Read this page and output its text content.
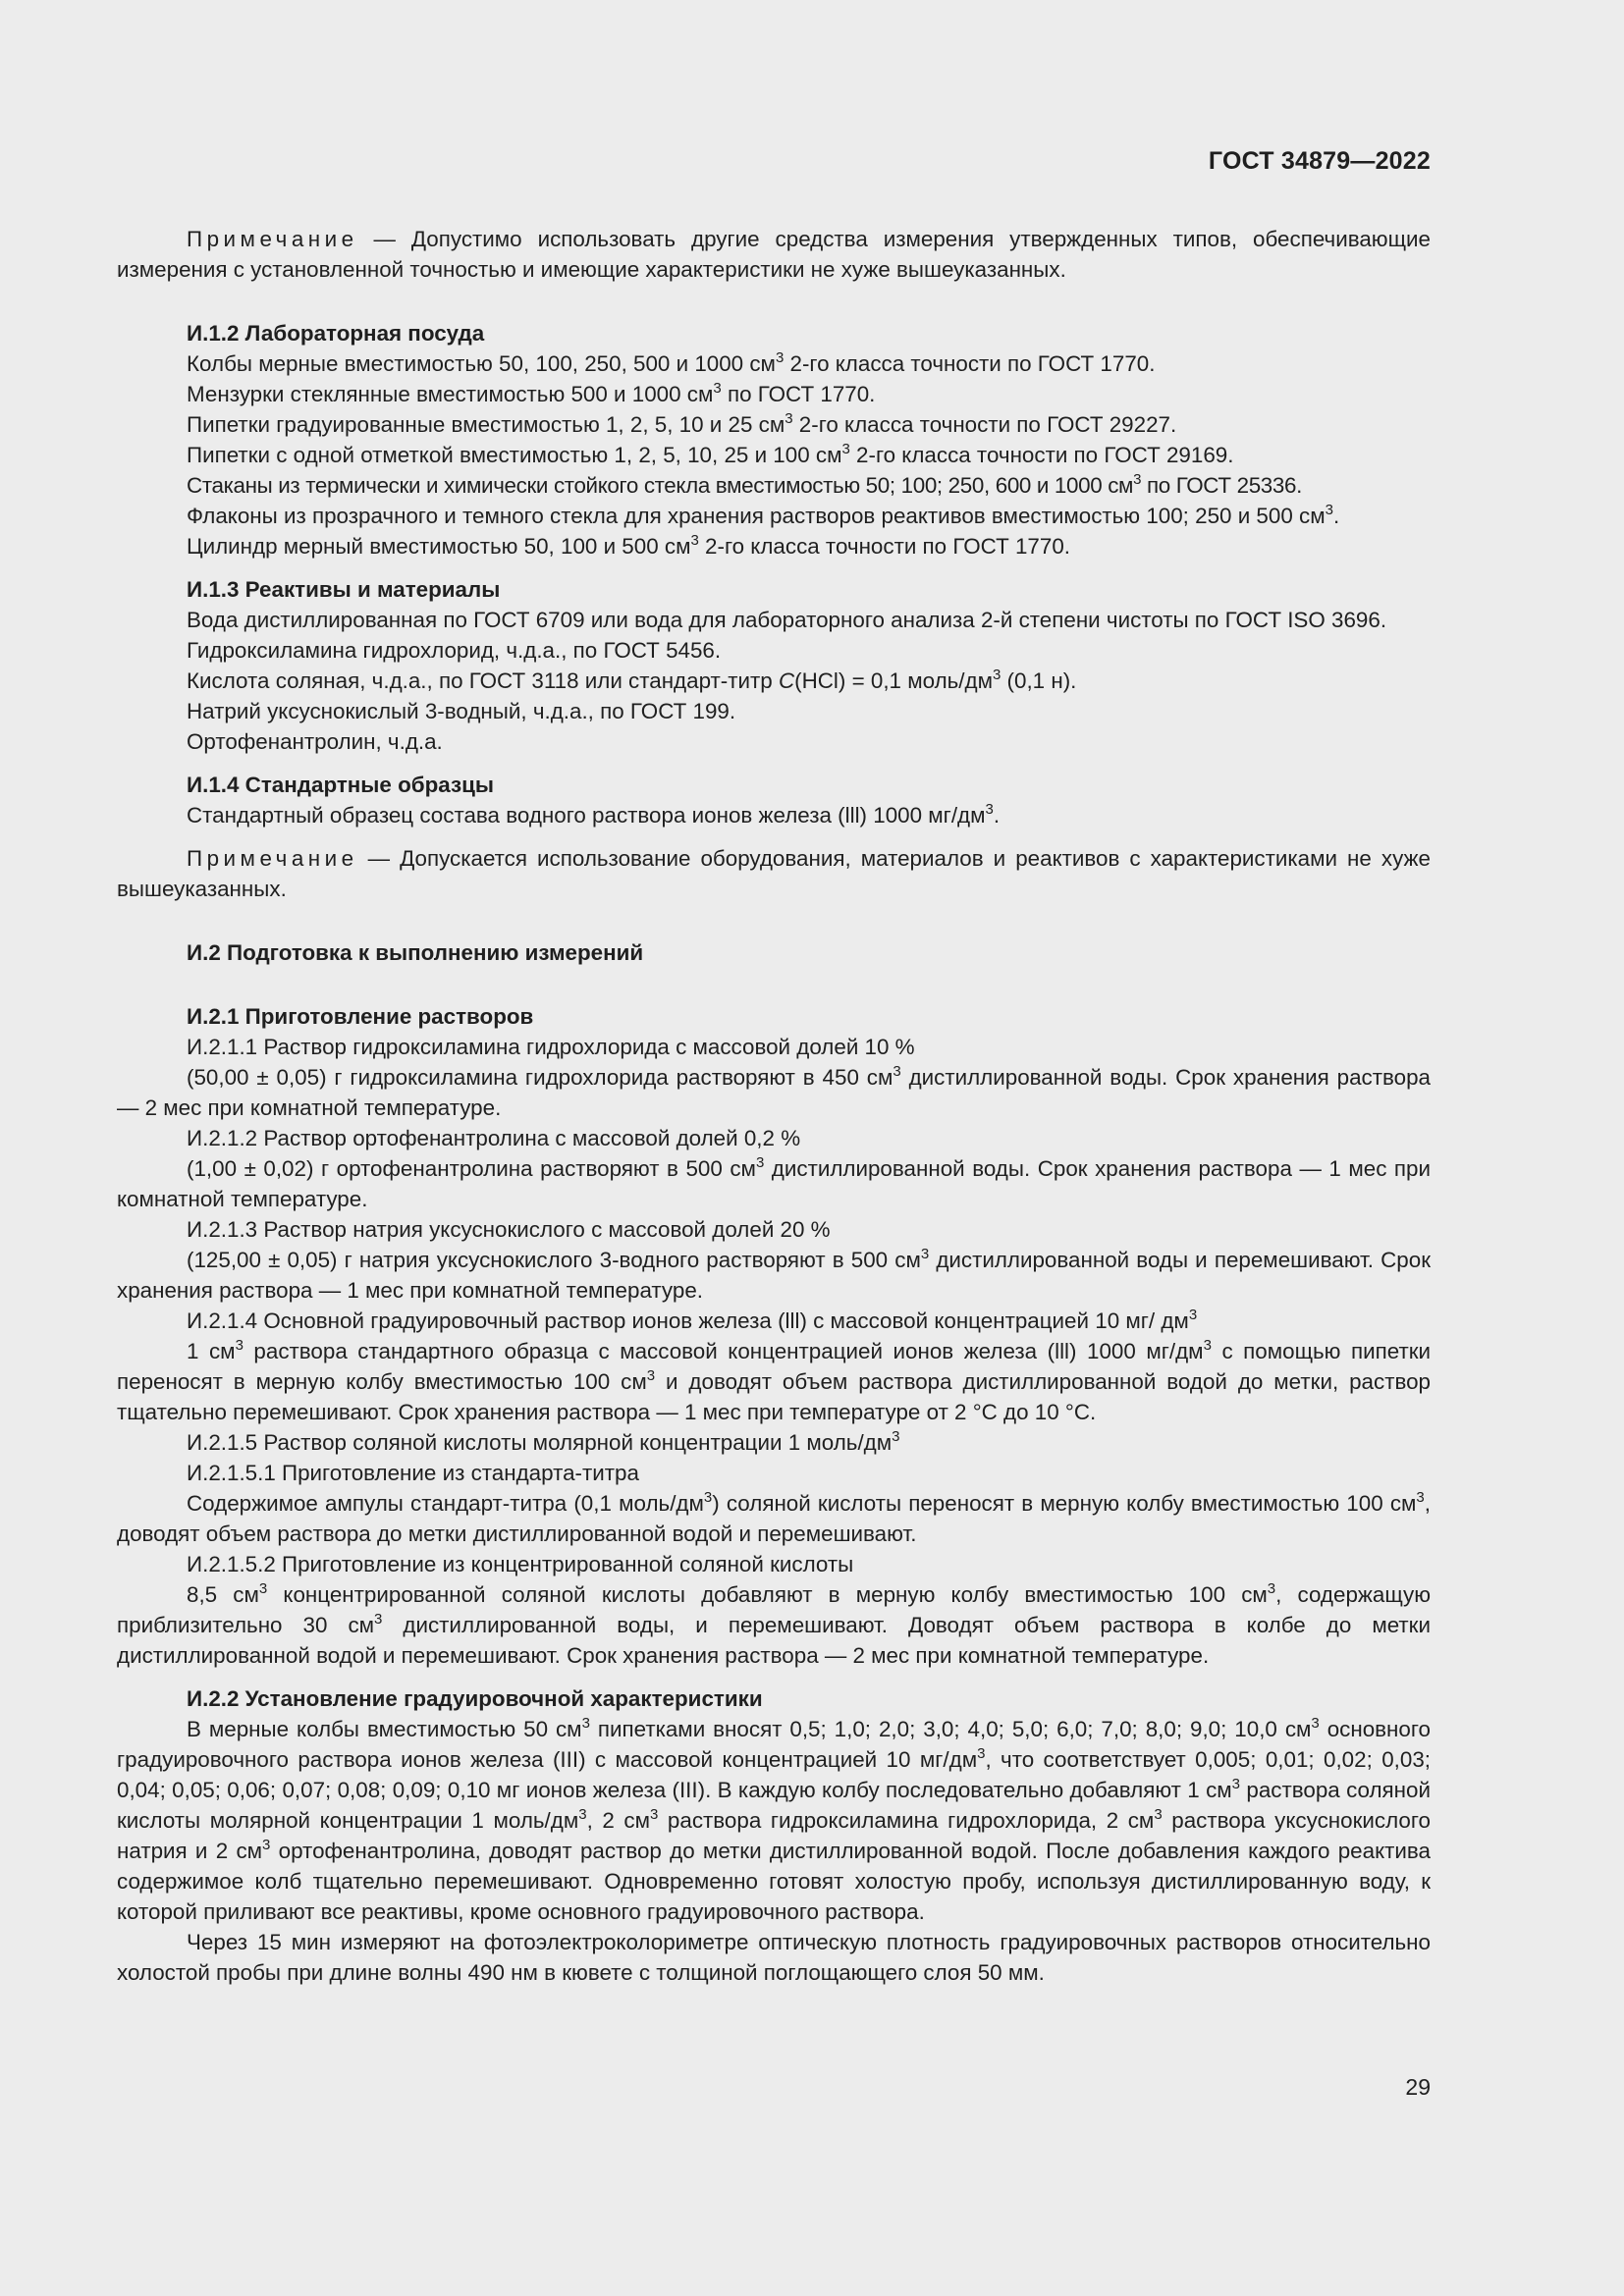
ГОСТ 34879—2022

Примечание — Допустимо использовать другие средства измерения утвержденных типов, обеспечивающие измерения с установленной точностью и имеющие характеристики не хуже вышеуказанных.

И.1.2 Лабораторная посуда

Колбы мерные вместимостью 50, 100, 250, 500 и 1000 $см^3$ 2-го класса точности по ГОСТ 1770.

Мензурки стеклянные вместимостью 500 и 1000 $см^3$ по ГОСТ 1770.

Пипетки градуированные вместимостью 1, 2, 5, 10 и 25 $см^3$ 2-го класса точности по ГОСТ 29227.

Пипетки с одной отметкой вместимостью 1, 2, 5, 10, 25 и 100 $см^3$ 2-го класса точности по ГОСТ 29169.

Стаканы из термически и химически стойкого стекла вместимостью 50; 100; 250, 600 и 1000 $см^3$ по ГОСТ 25336.

Флаконы из прозрачного и темного стекла для хранения растворов реактивов вместимостью 100; 250 и 500 $см^3$.

Цилиндр мерный вместимостью 50, 100 и 500 $см^3$ 2-го класса точности по ГОСТ 1770.

И.1.3 Реактивы и материалы

Вода дистиллированная по ГОСТ 6709 или вода для лабораторного анализа 2-й степени чистоты по ГОСТ ISO 3696.

Гидроксиламина гидрохлорид, ч.д.а., по ГОСТ 5456.

Кислота соляная, ч.д.а., по ГОСТ 3118 или стандарт-титр C(HCl) = 0,1 моль/$дм^3$ (0,1 н).

Натрий уксуснокислый 3-водный, ч.д.а., по ГОСТ 199.

Ортофенантролин, ч.д.а.

И.1.4 Стандартные образцы

Стандартный образец состава водного раствора ионов железа (lll) 1000 $мг/дм^3$.

Примечание — Допускается использование оборудования, материалов и реактивов с характеристиками не хуже вышеуказанных.

И.2 Подготовка к выполнению измерений

И.2.1 Приготовление растворов

И.2.1.1 Раствор гидроксиламина гидрохлорида с массовой долей 10 %

(50,00 ± 0,05) г гидроксиламина гидрохлорида растворяют в 450 $см^3$ дистиллированной воды. Срок хранения раствора — 2 мес при комнатной температуре.

И.2.1.2 Раствор ортофенантролина с массовой долей 0,2 %

(1,00 ± 0,02) г ортофенантролина растворяют в 500 $см^3$ дистиллированной воды. Срок хранения раствора — 1 мес при комнатной температуре.

И.2.1.3 Раствор натрия уксуснокислого с массовой долей 20 %

(125,00 ± 0,05) г натрия уксуснокислого 3-водного растворяют в 500 $см^3$ дистиллированной воды и перемешивают. Срок хранения раствора — 1 мес при комнатной температуре.

И.2.1.4 Основной градуировочный раствор ионов железа (lll) с массовой концентрацией 10 мг/ $дм^3$

1 $см^3$ раствора стандартного образца с массовой концентрацией ионов железа (lll) 1000 $мг/дм^3$ с помощью пипетки переносят в мерную колбу вместимостью 100 $см^3$ и доводят объем раствора дистиллированной водой до метки, раствор тщательно перемешивают. Срок хранения раствора — 1 мес при температуре от 2 °С до 10 °С.

И.2.1.5 Раствор соляной кислоты молярной концентрации 1 моль/$дм^3$

И.2.1.5.1 Приготовление из стандарта-титра

Содержимое ампулы стандарт-титра (0,1 моль/$дм^3$) соляной кислоты переносят в мерную колбу вместимостью 100 $см^3$, доводят объем раствора до метки дистиллированной водой и перемешивают.

И.2.1.5.2 Приготовление из концентрированной соляной кислоты

8,5 $см^3$ концентрированной соляной кислоты добавляют в мерную колбу вместимостью 100 $см^3$, содержащую приблизительно 30 $см^3$ дистиллированной воды, и перемешивают. Доводят объем раствора в колбе до метки дистиллированной водой и перемешивают. Срок хранения раствора — 2 мес при комнатной температуре.

И.2.2 Установление градуировочной характеристики

В мерные колбы вместимостью 50 $см^3$ пипетками вносят 0,5; 1,0; 2,0; 3,0; 4,0; 5,0; 6,0; 7,0; 8,0; 9,0; 10,0 $см^3$ основного градуировочного раствора ионов железа (III) с массовой концентрацией 10 $мг/дм^3$, что соответствует 0,005; 0,01; 0,02; 0,03; 0,04; 0,05; 0,06; 0,07; 0,08; 0,09; 0,10 мг ионов железа (III). В каждую колбу последовательно добавляют 1 $см^3$ раствора соляной кислоты молярной концентрации 1 моль/$дм^3$, 2 $см^3$ раствора гидроксиламина гидрохлорида, 2 $см^3$ раствора уксуснокислого натрия и 2 $см^3$ ортофенантролина, доводят раствор до метки дистиллированной водой. После добавления каждого реактива содержимое колб тщательно перемешивают. Одновременно готовят холостую пробу, используя дистиллированную воду, к которой приливают все реактивы, кроме основного градуировочного раствора.

Через 15 мин измеряют на фотоэлектроколориметре оптическую плотность градуировочных растворов относительно холостой пробы при длине волны 490 нм в кювете с толщиной поглощающего слоя 50 мм.

29
